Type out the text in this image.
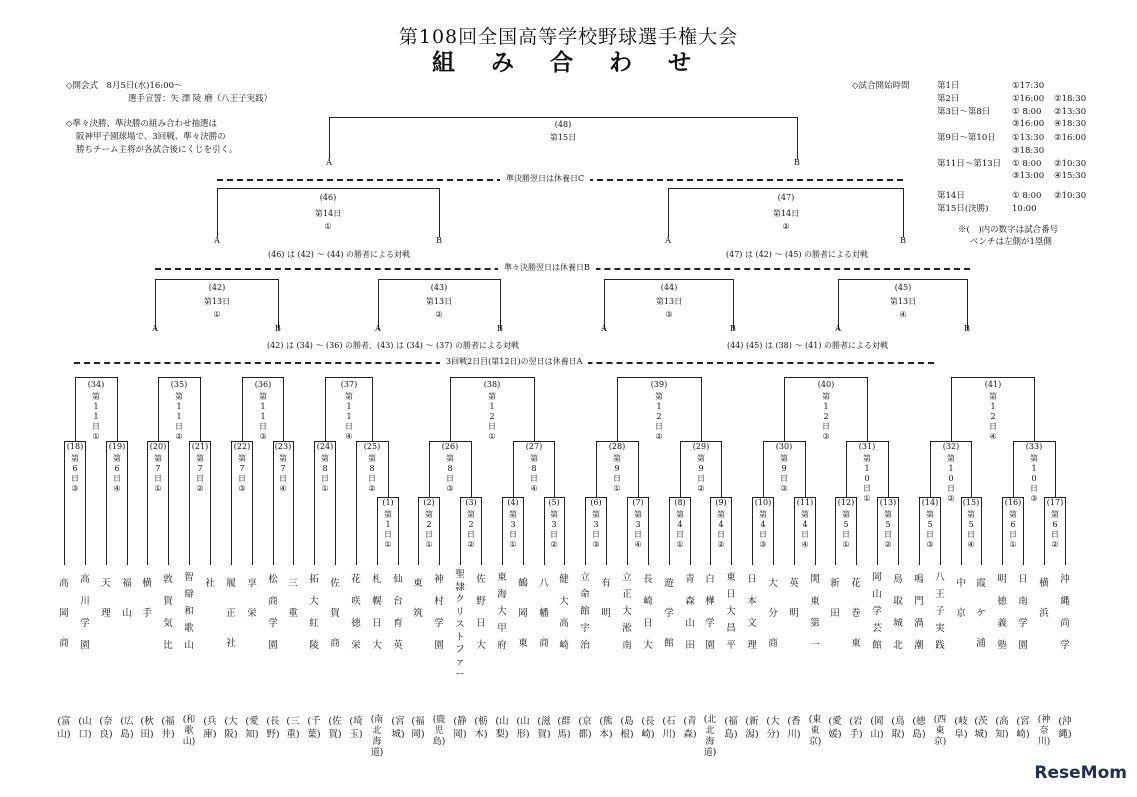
第108回全国高等学校野球選手権大会
組 み 合 わ せ
◇開会式　8月5日(水)16:00～
選手宣誓：矢 澤 陵 磨（八王子実践）
◇準々決勝、準決勝の組み合わせ抽選は
阪神甲子園球場で、3回戦、準々決勝の
勝ちチーム主将が各試合後にくじを引く。
◇試合開始時間	第1日	①17:30
第2日	①16:00 ②18:30
第3日～第8日	① 8:00 ②13:30
③16:00 ④18:30
第9日～第10日 ①13:30 ②16:00
③18:30
第11日～第13日 ① 8:00 ②10:30
③13:00 ④15:30
第14日	① 8:00 ②10:30
第15日(決勝)	10:00
※(　)内の数字は試合番号
ベンチは左側が1塁側
高岡商
(富山)
高川学園
(山口)
天理
(奈良)
福山
(広島)
横手
(秋田)
敦賀気比
(福井)
智辯和歌山
(和歌山)
社
(兵庫)
履正社
(大阪)
享栄
(愛知)
松商学園
(長野)
三重
(三重)
拓大紅陵
(千葉)
佐賀商
(佐賀)
花咲徳栄
(埼玉)
札幌日大
(南北海道)
仙台育英
(宮城)
東筑
(福岡)
神村学園
(鹿児島)
聖隷クリストファー
(静岡)
佐野日大
(栃木)
東海大甲府
(山梨)
鶴岡東
(山形)
八幡商
(滋賀)
健大高崎
(群馬)
立命館宇治
(京都)
有明
(熊本)
立正大淞南
(島根)
長崎日大
(長崎)
遊学館
(石川)
青森山田
(青森)
白樺学園
(北北海道)
東日大昌平
(福島)
日本文理
(新潟)
大分商
(大分)
英明
(香川)
関東第一
(東東京)
新田
(愛媛)
花巻東
(岩手)
岡山学芸館
(岡山)
鳥取城北
(鳥取)
鳴門渦潮
(徳島)
八王子実践
(西東京)
中京
(岐阜)
霞ケ浦
(茨城)
明徳義塾
(高知)
日南学園
(宮崎)
横浜
(神奈川)
沖縄尚学
(沖縄)
(1)
第1日
①
(2)
第2日
①
(3)
第2日
②
(4)
第3日
①
(5)
第3日
②
(6)
第3日
③
(7)
第3日
④
(8)
第4日
①
(9)
第4日
②
(10)
第4日
③
(11)
第4日
④
(12)
第5日
①
(13)
第5日
②
(14)
第5日
③
(15)
第5日
④
(16)
第6日
①
(17)
第6日
②
(34)
第11日
①
(35)
第11日
②
(36)
第11日
③
(37)
第11日
④
(38)
第12日
①
(39)
第12日
②
(40)
第12日
③
(41)
第12日
④
(18)
第6日
③
(19)
第6日
④
(20)
第7日
①
(21)
第7日
②
(22)
第7日
③
(23)
第7日
④
(24)
第8日
①
(25)
第8日
②
(26)
第8日
③
(27)
第8日
④
(28)
第9日
①
(29)
第9日
②
(30)
第9日
③
(31)
第10日
①
(32)
第10日
②
(33)
第10日
③
3回戦2日目(第12日)の翌日は休養日A
(42)
第13日
①
A	B
(43)
第13日
②
A	B
(44)
第13日
③
A	B
(45)
第13日
④
A	B
(42) は (34) ～ (36) の勝者、(43) は (34) ～ (37) の勝者による対戦	(44) (45) は (38) ～ (41) の勝者による対戦
準々決勝翌日は休養日B
(46)
第14日
①
A	B
(46) は (42) ～ (44) の勝者による対戦
(47)
第14日
②
A	B
(47) は (42) ～ (45) の勝者による対戦
準決勝翌日は休養日C
(48)
第15日
A	B
ReseMom
